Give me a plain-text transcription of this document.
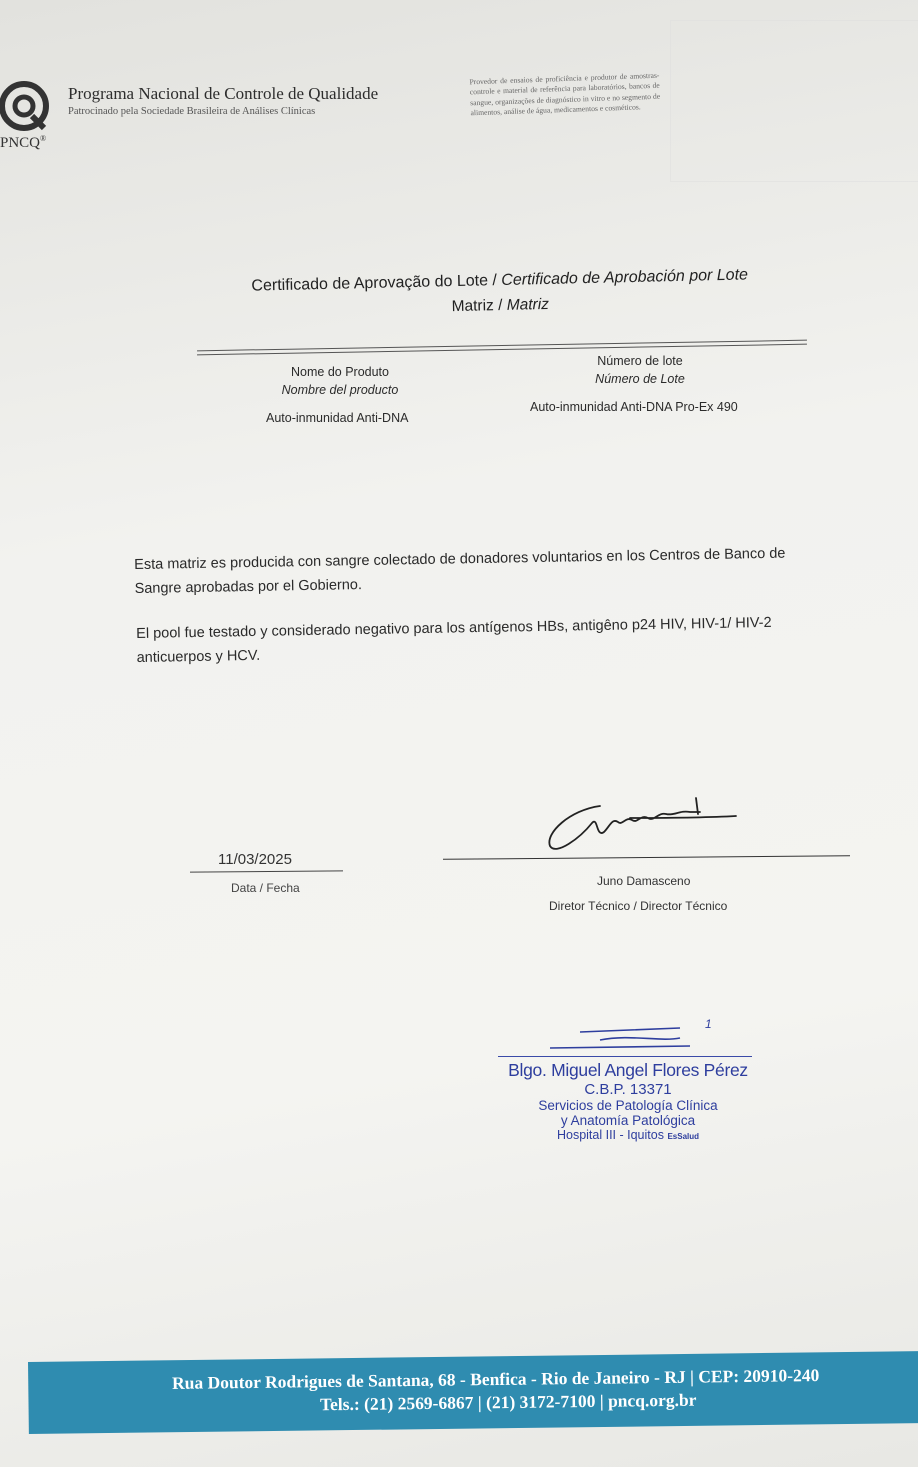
PNCQ®
Programa Nacional de Controle de Qualidade
Patrocinado pela Sociedade Brasileira de Análises Clínicas
Provedor de ensaios de proficiência e produtor de amostras-controle e material de referência para laboratórios, bancos de sangue, organizações de diagnóstico in vitro e no segmento de alimentos, análise de água, medicamentos e cosméticos.
Certificado de Aprovação do Lote / Certificado de Aprobación por Lote
Matriz / Matriz
Nome do Produto
Nombre del producto
Número de lote
Número de Lote
Auto-inmunidad Anti-DNA
Auto-inmunidad Anti-DNA Pro-Ex 490
Esta matriz es producida con sangre colectado de donadores voluntarios en los Centros de Banco de
Sangre aprobadas por el Gobierno.
El pool fue testado y considerado negativo para los antígenos HBs, antigêno p24 HIV, HIV-1/ HIV-2
anticuerpos y HCV.
11/03/2025
Data / Fecha	Juno Damasceno
Diretor Técnico / Director Técnico
1
Blgo. Miguel Angel Flores Pérez
C.B.P. 13371
Servicios de Patología Clínica
y Anatomía Patológica
Hospital III - Iquitos EsSalud
Rua Doutor Rodrigues de Santana, 68 - Benfica - Rio de Janeiro - RJ | CEP: 20910-240
Tels.: (21) 2569-6867 | (21) 3172-7100 | pncq.org.br
